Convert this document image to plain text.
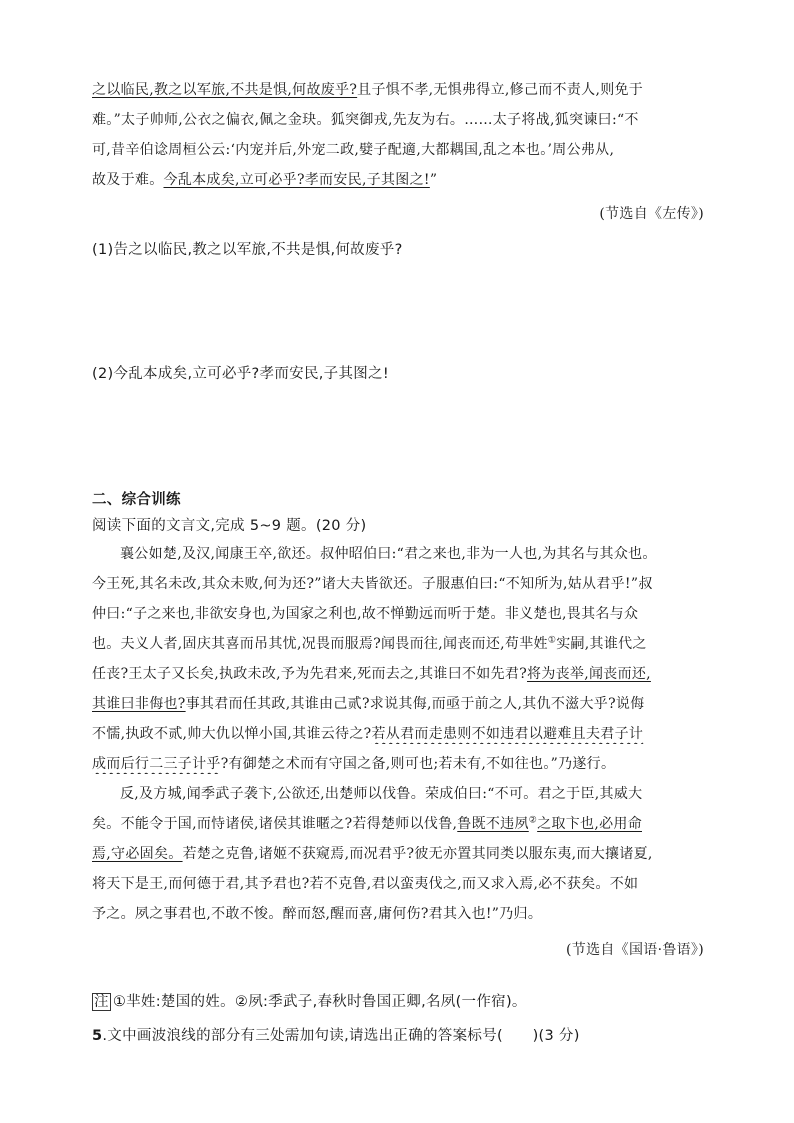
之以临民,教之以军旅,不共是惧,何故废乎?且子惧不孝,无惧弗得立,修己而不责人,则免于
难。”太子帅师,公衣之偏衣,佩之金玦。狐突御戎,先友为右。……太子将战,狐突谏曰:“不
可,昔辛伯谂周桓公云:‘内宠并后,外宠二政,嬖子配適,大都耦国,乱之本也。’周公弗从,
故及于难。今乱本成矣,立可必乎?孝而安民,子其图之!”
(节选自《左传》)
(1)告之以临民,教之以军旅,不共是惧,何故废乎?
(2)今乱本成矣,立可必乎?孝而安民,子其图之!
二、综合训练
阅读下面的文言文,完成 5~9 题。(20 分)
襄公如楚,及汉,闻康王卒,欲还。叔仲昭伯曰:“君之来也,非为一人也,为其名与其众也。
今王死,其名未改,其众未败,何为还?”诸大夫皆欲还。子服惠伯曰:“不知所为,姑从君乎!”叔
仲曰:“子之来也,非欲安身也,为国家之利也,故不惮勤远而听于楚。非义楚也,畏其名与众
也。夫义人者,固庆其喜而吊其忧,况畏而服焉?闻畏而往,闻丧而还,苟芈姓①实嗣,其谁代之
任丧?王太子又长矣,执政未改,予为先君来,死而去之,其谁曰不如先君?将为丧举,闻丧而还,
其谁曰非侮也?事其君而任其政,其谁由己贰?求说其侮,而亟于前之人,其仇不滋大乎?说侮
不懦,执政不贰,帅大仇以惮小国,其谁云待之?若从君而走患则不如违君以避难且夫君子计
成而后行二三子计乎?有御楚之术而有守国之备,则可也;若未有,不如往也。”乃遂行。
反,及方城,闻季武子袭卞,公欲还,出楚师以伐鲁。荣成伯曰:“不可。君之于臣,其威大
矣。不能令于国,而恃诸侯,诸侯其谁暱之?若得楚师以伐鲁,鲁既不违夙②之取卞也,必用命
焉,守必固矣。若楚之克鲁,诸姬不获窥焉,而况君乎?彼无亦置其同类以服东夷,而大攘诸夏,
将天下是王,而何德于君,其予君也?若不克鲁,君以蛮夷伐之,而又求入焉,必不获矣。不如
予之。夙之事君也,不敢不悛。醉而怒,醒而喜,庸何伤?君其入也!”乃归。
(节选自《国语·鲁语》)
注 ①芈姓:楚国的姓。②夙:季武子,春秋时鲁国正卿,名夙(一作宿)。
5.文中画波浪线的部分有三处需加句读,请选出正确的答案标号(　　)(3 分)
